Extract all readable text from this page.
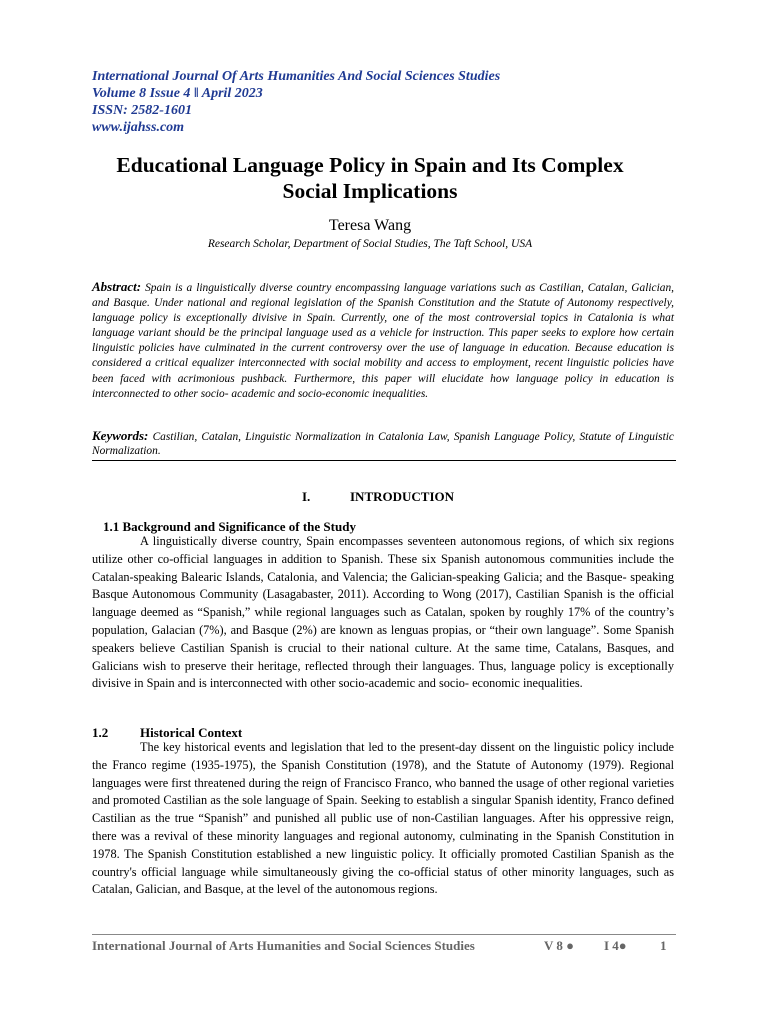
International Journal Of Arts Humanities And Social Sciences Studies
Volume 8 Issue 4 ǁ April 2023
ISSN: 2582-1601
www.ijahss.com
Educational Language Policy in Spain and Its Complex
Social Implications
Teresa Wang
Research Scholar, Department of Social Studies, The Taft School, USA
Abstract: Spain is a linguistically diverse country encompassing language variations such as Castilian, Catalan, Galician, and Basque. Under national and regional legislation of the Spanish Constitution and the Statute of Autonomy respectively, language policy is exceptionally divisive in Spain. Currently, one of the most controversial topics in Catalonia is what language variant should be the principal language used as a vehicle for instruction. This paper seeks to explore how certain linguistic policies have culminated in the current controversy over the use of language in education. Because education is considered a critical equalizer interconnected with social mobility and access to employment, recent linguistic policies have been faced with acrimonious pushback. Furthermore, this paper will elucidate how language policy in education is interconnected to other socio- academic and socio-economic inequalities.
Keywords: Castilian, Catalan, Linguistic Normalization in Catalonia Law, Spanish Language Policy, Statute of Linguistic Normalization.
I.	INTRODUCTION
1.1 Background and Significance of the Study
A linguistically diverse country, Spain encompasses seventeen autonomous regions, of which six regions utilize other co-official languages in addition to Spanish. These six Spanish autonomous communities include the Catalan-speaking Balearic Islands, Catalonia, and Valencia; the Galician-speaking Galicia; and the Basque- speaking Basque Autonomous Community (Lasagabaster, 2011). According to Wong (2017), Castilian Spanish is the official language deemed as “Spanish,” while regional languages such as Catalan, spoken by roughly 17% of the country’s population, Galacian (7%), and Basque (2%) are known as lenguas propias, or “their own language”. Some Spanish speakers believe Castilian Spanish is crucial to their national culture. At the same time, Catalans, Basques, and Galicians wish to preserve their heritage, reflected through their languages. Thus, language policy is exceptionally divisive in Spain and is interconnected with other socio-academic and socio- economic inequalities.
1.2 Historical Context
The key historical events and legislation that led to the present-day dissent on the linguistic policy include the Franco regime (1935-1975), the Spanish Constitution (1978), and the Statute of Autonomy (1979). Regional languages were first threatened during the reign of Francisco Franco, who banned the usage of other regional varieties and promoted Castilian as the sole language of Spain. Seeking to establish a singular Spanish identity, Franco defined Castilian as the true “Spanish” and punished all public use of non-Castilian languages. After his oppressive reign, there was a revival of these minority languages and regional autonomy, culminating in the Spanish Constitution in 1978. The Spanish Constitution established a new linguistic policy. It officially promoted Castilian Spanish as the country's official language while simultaneously giving the co-official status of other minority languages, such as Catalan, Galician, and Basque, at the level of the autonomous regions.
International Journal of Arts Humanities and Social Sciences Studies	V 8 ● I 4●	1
